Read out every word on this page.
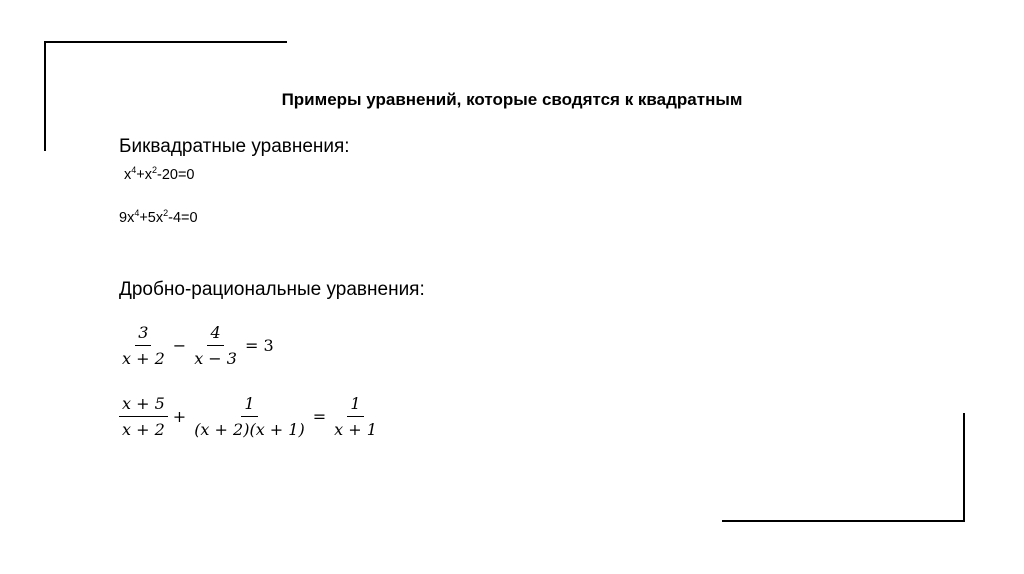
Примеры уравнений, которые сводятся к квадратным
Биквадратные уравнения:
$x^4+x^2-20=0$
$9x^4+5x^2-4=0$
Дробно-рациональные уравнения:
$\frac{3}{x + 2} - \frac{4}{x - 3} = 3$
$\frac{x + 5}{x + 2} + \frac{1}{(x + 2)(x + 1)} = \frac{1}{x + 1}$
